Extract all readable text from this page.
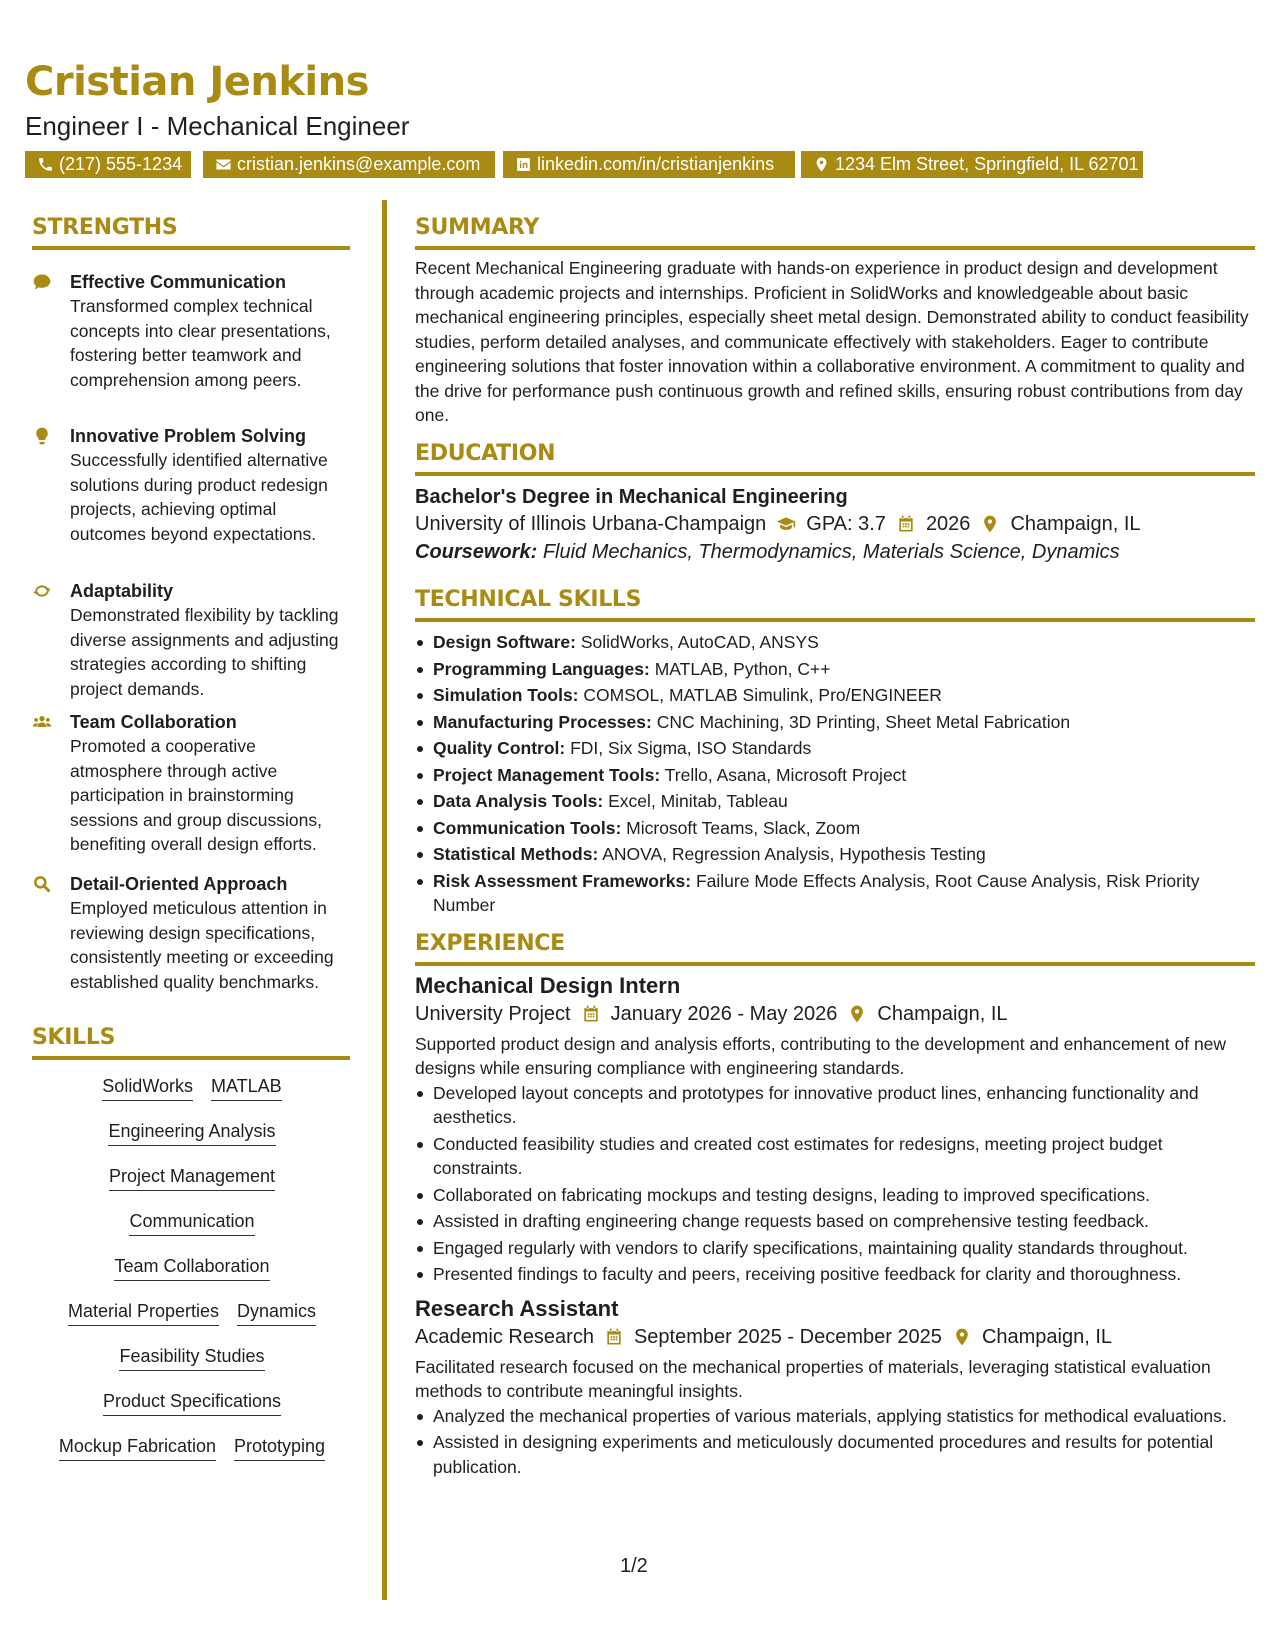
Cristian Jenkins
Engineer I - Mechanical Engineer
(217) 555-1234	cristian.jenkins@example.com	linkedin.com/in/cristianjenkins	1234 Elm Street, Springfield, IL 62701
STRENGTHS
Effective Communication

Transformed complex technical concepts into clear presentations, fostering better teamwork and comprehension among peers.

Innovative Problem Solving

Successfully identified alternative solutions during product redesign projects, achieving optimal outcomes beyond expectations.

Adaptability

Demonstrated flexibility by tackling diverse assignments and adjusting strategies according to shifting project demands.

Team Collaboration

Promoted a cooperative atmosphere through active participation in brainstorming sessions and group discussions, benefiting overall design efforts.

Detail-Oriented Approach

Employed meticulous attention in reviewing design specifications, consistently meeting or exceeding established quality benchmarks.

SKILLS
SolidWorks MATLAB
Engineering Analysis
Project Management
Communication
Team Collaboration
Material Properties Dynamics
Feasibility Studies
Product Specifications
Mockup Fabrication Prototyping
SUMMARY

Recent Mechanical Engineering graduate with hands-on experience in product design and development through academic projects and internships. Proficient in SolidWorks and knowledgeable about basic mechanical engineering principles, especially sheet metal design. Demonstrated ability to conduct feasibility studies, perform detailed analyses, and communicate effectively with stakeholders. Eager to contribute engineering solutions that foster innovation within a collaborative environment. A commitment to quality and the drive for performance push continuous growth and refined skills, ensuring robust contributions from day one.

EDUCATION

Bachelor's Degree in Mechanical Engineering

University of Illinois Urbana-Champaign GPA: 3.7 2026 Champaign, IL
Coursework: Fluid Mechanics, Thermodynamics, Materials Science, Dynamics
TECHNICAL SKILLS
Design Software: SolidWorks, AutoCAD, ANSYS
Programming Languages: MATLAB, Python, C++
Simulation Tools: COMSOL, MATLAB Simulink, Pro/ENGINEER
Manufacturing Processes: CNC Machining, 3D Printing, Sheet Metal Fabrication
Quality Control: FDI, Six Sigma, ISO Standards
Project Management Tools: Trello, Asana, Microsoft Project
Data Analysis Tools: Excel, Minitab, Tableau
Communication Tools: Microsoft Teams, Slack, Zoom
Statistical Methods: ANOVA, Regression Analysis, Hypothesis Testing
Risk Assessment Frameworks: Failure Mode Effects Analysis, Root Cause Analysis, Risk Priority Number
EXPERIENCE

Mechanical Design Intern

University Project January 2026 - May 2026 Champaign, IL

Supported product design and analysis efforts, contributing to the development and enhancement of new designs while ensuring compliance with engineering standards.

Developed layout concepts and prototypes for innovative product lines, enhancing functionality and aesthetics.
Conducted feasibility studies and created cost estimates for redesigns, meeting project budget constraints.
Collaborated on fabricating mockups and testing designs, leading to improved specifications.
Assisted in drafting engineering change requests based on comprehensive testing feedback.
Engaged regularly with vendors to clarify specifications, maintaining quality standards throughout.
Presented findings to faculty and peers, receiving positive feedback for clarity and thoroughness.

Research Assistant

Academic Research September 2025 - December 2025 Champaign, IL

Facilitated research focused on the mechanical properties of materials, leveraging statistical evaluation methods to contribute meaningful insights.

Analyzed the mechanical properties of various materials, applying statistics for methodical evaluations.
Assisted in designing experiments and meticulously documented procedures and results for potential publication.
1/2
